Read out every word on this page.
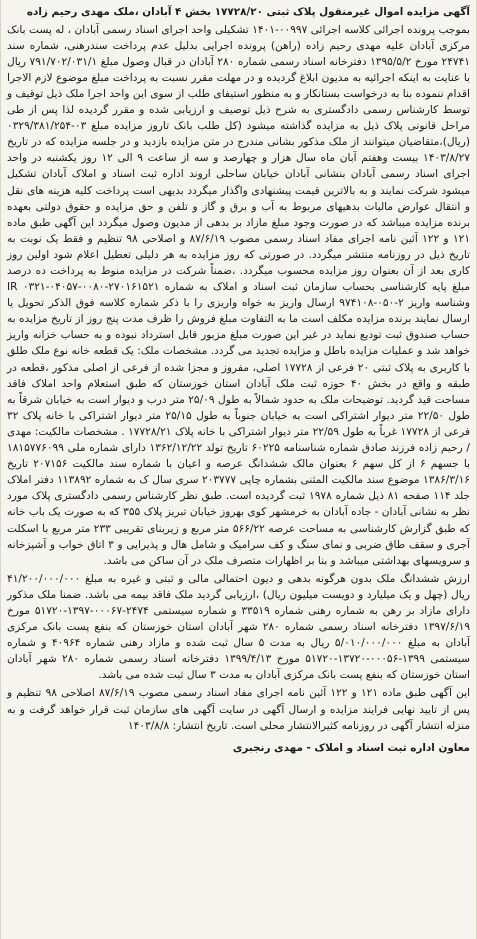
آگهی مزایده اموال غیرمنقول پلاک ثبتی ۱۷۷۲۸/۲۰ بخش ۴ آبادان ،ملک مهدی رحیم زاده

بموجب پرونده اجرائی کلاسه اجرائی ۰۰۹۹۷-۱۴۰۱ تشکیلی واحد اجرای اسناد رسمی آبادان ، له پست بانک مرکزی آبادان علیه مهدی رحیم زاده (راهن) پرونده اجرایی بدلیل عدم پرداخت سندرهنی، شماره سند ۲۴۷۴۱ مورخ ۱۳۹۵/۵/۲ دفترخانه اسناد رسمی شماره ۲۸۰ آبادان در قبال وصول مبلغ ۷۹۱/۷۰۲/۰۳۱/۱ ریال با عنایت به اینکه اجرائیه به مدیون ابلاغ گردیده و در مهلت مقرر نسبت به پرداخت مبلغ موضوع لازم الاجرا اقدام ننموده بنا به درخواست بستانکار و به منظور استیفای طلب از سوی این واحد اجرا ملک ذیل توقیف و توسط کارشناس رسمی دادگستری به شرح ذیل توصیف و ارزیابی شده و مقرر گردیده لذا پس از طی مراحل قانونی پلاک ذیل به مزایده گذاشته میشود (کل طلب بانک تاروز مزایده مبلغ ۰۳-۰۳۲۹/۳۸۱/۲۵۴ (ریال)،متقاضیان میتوانند از ملک مذکور بشانی مندرج در متن مزایده بازدید و در جلسه مزایده که در تاریخ ۱۴۰۳/۸/۲۷ بیست وهفتم آبان ماه سال هزار و چهارصد و سه از ساعت ۹ الی ۱۲ روز یکشنبه در واحد اجرای اسناد رسمی آبادان بنشانی آبادان خیابان ساحلی اروند اداره ثبت اسناد و املاک آبادان تشکیل میشود شرکت نمایند و به بالاترین قیمت پیشنهادی واگذار میگردد بدیهی است پرداخت کلیه هزینه های نقل و انتقال عوارض مالیات بدهیهای مربوط به آب و برق و گاز و تلفن و حق مزایده و حقوق دولتی بعهده برنده مزایده میباشد که در صورت وجود مبلغ مازاد بر بدهی از مدیون وصول میگردد این آگهی طبق ماده ۱۲۱ و ۱۲۲ آئین نامه اجرای مفاد اسناد رسمی مصوب ۸۷/۶/۱۹ و اصلاحی ۹۸ تنظیم و فقط یک نوبت به تاریخ ذیل در روزنامه منتشر میگردد. در صورتی که روز مزایده به هر دلیلی تعطیل اعلام شود اولین روز کاری بعد از آن بعنوان روز مزایده محسوب میگردد. ،ضمناً شرکت در مزایده منوط به پرداخت ده درصد مبلغ پایه کارشناسی بحساب سازمان ثبت اسناد و املاک به شماره ۲۷۰۱۶۱۵۲۱-۰۰۸۰-۰۴۰۵۷-۰۳۲۱ IR وشناسه واریز ۲-۰۵۰-۹۷۴۱۰۸ ارسال واریز به خواه واریزی را با ذکر شماره کلاسه فوق الذکر تحویل یا ارسال نمایند برنده مزایده مکلف است ما به التفاوت مبلغ فروش را ظرف مدت پنج روز از تاریخ مزایده به حساب صندوق ثبت تودیع نماید در غیر این صورت مبلغ مزبور قابل استرداد نبوده و به حساب خزانه واریز خواهد شد و عملیات مزایده باطل و مزایده تجدید می گردد. مشخصات ملک: یک قطعه خانه نوع ملک طلق با کاربری به پلاک ثبتی ۲۰ فرعی از ۱۷۷۲۸ اصلی، مفروز و مجزا شده از فرعی از اصلی مذکور ،قطعه در طبقه و واقع در بخش ۴۰ حوزه ثبت ملک آبادان استان خوزستان که طبق استعلام واحد املاک فاقد مساحت قید گردید. توضیحات ملک به حدود شمالاً به طول ۲۵/۰۹ متر درب و دیوار است به خیابان شرقاً به طول ۲۲/۵۰ متر دیوار اشتراکی است به خیابان جنوباً به طول ۲۵/۱۵ متر دیوار اشتراکی با خانه پلاک ۳۲ فرعی از ۱۷۷۲۸ غرباً به طول ۲۲/۵۹ متر دیوار اشتراکی با خانه پلاک ۱۷۷۲۸/۲۱ . مشخصات مالکیت: مهدی / رحیم زاده فرزند صادق شماره شناسنامه ۶۰۲۲۵ تاریخ تولد ۱۳۶۲/۱۲/۲۲ دارای شماره ملی ۱۸۱۵۷۷۶۰۹۹ با جسهم ۶ از کل سهم ۶ بعنوان مالک ششدانگ عرصه و اعیان با شماره سند مالکیت ۲۰۷۱۵۶ تاریخ ۱۳۸۶/۳/۱۶ موضوع سند مالکیت المثنی بشماره چاپی ۲۰۳۷۷۷ سری سال ک به شماره ۱۱۳۸۹۲ دفتر املاک جلد ۱۱۴ صفحه ۸۱ ذیل شماره ۱۹۷۸ ثبت گردیده است. طبق نظر کارشناس رسمی دادگستری پلاک مورد نظر به نشانی آبادان - جاده آبادان به خرمشهر کوی بهروز خیابان تبریز پلاک ۳۵۵ که به صورت یک باب خانه که طبق گزارش کارشناسی به مساحت عرصه ۵۶۶/۲۲ متر مربع و زیربنای تقریبی ۲۳۳ متر مربع با اسکلت آجری و سقف طاق ضربی و نمای سنگ و کف سرامیک و شامل هال و پذیرایی و ۳ اتاق خواب و آشپزخانه و سرویسهای بهداشتی میباشد و بنا بر اظهارات متصرف ملک در آن ساکن می باشد.

ارزش ششدانگ ملک بدون هرگونه بدهی و دیون احتمالی مالی و ثبتی و غیره به مبلغ ۴۱/۲۰۰/۰۰۰/۰۰۰ ریال (چهل و یک میلیارد و دویست میلیون ریال) ،ارزیابی گردید ملک فاقد بیمه می باشد. ضمنا ملک مذکور دارای مازاد بر رهن به شماره رهنی شماره ۳۳۵۱۹ و شماره سیستمی ۲۴۷۴-۰۰۰۶۷-۱۳۹۷-۵۱۷۲۰ مورخ ۱۳۹۷/۶/۱۹ دفترخانه اسناد رسمی شماره ۲۸۰ شهر آبادان استان خوزستان که بنفع پست بانک مرکزی آبادان به مبلغ ۵/۰۱۰/۰۰۰/۰۰۰ ریال به مدت ۵ سال ثبت شده و مازاد رهنی شماره ۴۰۹۶۴ و شماره سیستمی ۱۳۹۹-۰۰۰۵۶-۱۳۷۲۰-۵۱۷۲۰ مورخ ۱۳۹۹/۴/۱۳ دفترخانه اسناد رسمی شماره ۲۸۰ شهر آبادان استان خوزستان که بنفع پست بانک مرکزی آبادان به مدت ۳ سال ثبت شده می باشد.

این آگهی طبق ماده ۱۲۱ و ۱۲۲ آئین نامه اجرای مفاد اسناد رسمی مصوب ۸۷/۶/۱۹ اصلاحی ۹۸ تنظیم و پس از تایید نهایی فرایند مزایده و ارسال آگهی در سایت آگهی های سازمان ثبت قرار خواهد گرفت و به منزله انتشار آگهی در روزنامه کثیرالانتشار محلی است. تاریخ انتشار: ۱۴۰۳/۸/۸

معاون اداره ثبت اسناد و املاک - مهدی رنجبری
